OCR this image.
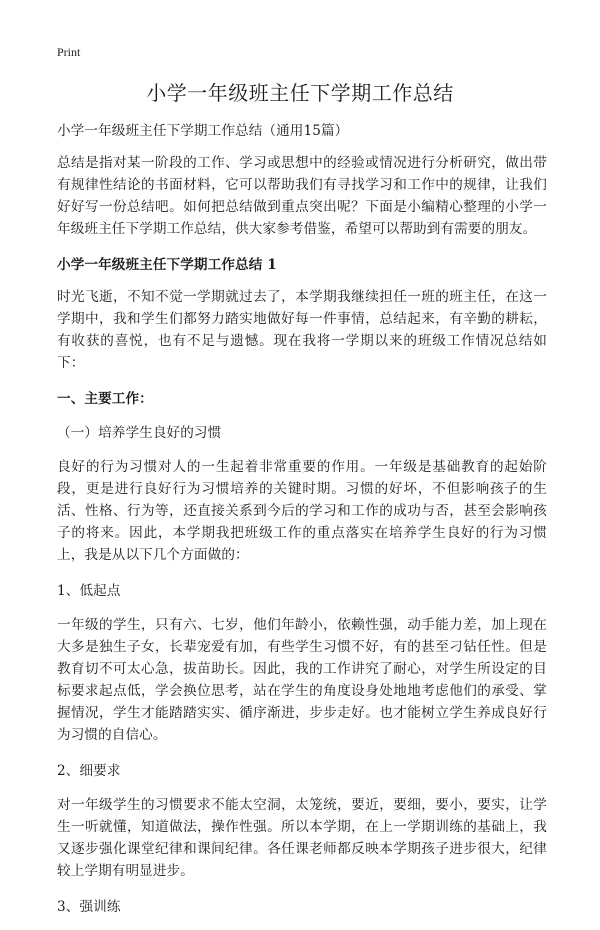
Print
小学一年级班主任下学期工作总结

小学一年级班主任下学期工作总结（通用15篇）

总结是指对某一阶段的工作、学习或思想中的经验或情况进行分析研究，做出带有规律性结论的书面材料，它可以帮助我们有寻找学习和工作中的规律，让我们好好写一份总结吧。如何把总结做到重点突出呢？下面是小编精心整理的小学一年级班主任下学期工作总结，供大家参考借鉴，希望可以帮助到有需要的朋友。

小学一年级班主任下学期工作总结 1

时光飞逝，不知不觉一学期就过去了，本学期我继续担任一班的班主任，在这一学期中，我和学生们都努力踏实地做好每一件事情，总结起来，有辛勤的耕耘，有收获的喜悦，也有不足与遗憾。现在我将一学期以来的班级工作情况总结如下：

一、主要工作：

（一）培养学生良好的习惯

良好的行为习惯对人的一生起着非常重要的作用。一年级是基础教育的起始阶段，更是进行良好行为习惯培养的关键时期。习惯的好坏，不但影响孩子的生活、性格、行为等，还直接关系到今后的学习和工作的成功与否，甚至会影响孩子的将来。因此，本学期我把班级工作的重点落实在培养学生良好的行为习惯上，我是从以下几个方面做的：

1、低起点

一年级的学生，只有六、七岁，他们年龄小，依赖性强，动手能力差，加上现在大多是独生子女，长辈宠爱有加，有些学生习惯不好，有的甚至刁钻任性。但是教育切不可太心急，拔苗助长。因此，我的工作讲究了耐心，对学生所设定的目标要求起点低，学会换位思考，站在学生的角度设身处地地考虑他们的承受、掌握情况，学生才能踏踏实实、循序渐进，步步走好。也才能树立学生养成良好行为习惯的自信心。

2、细要求

对一年级学生的习惯要求不能太空洞，太笼统，要近，要细，要小，要实，让学生一听就懂，知道做法，操作性强。所以本学期，在上一学期训练的基础上，我又逐步强化课堂纪律和课间纪律。各任课老师都反映本学期孩子进步很大，纪律较上学期有明显进步。

3、强训练
